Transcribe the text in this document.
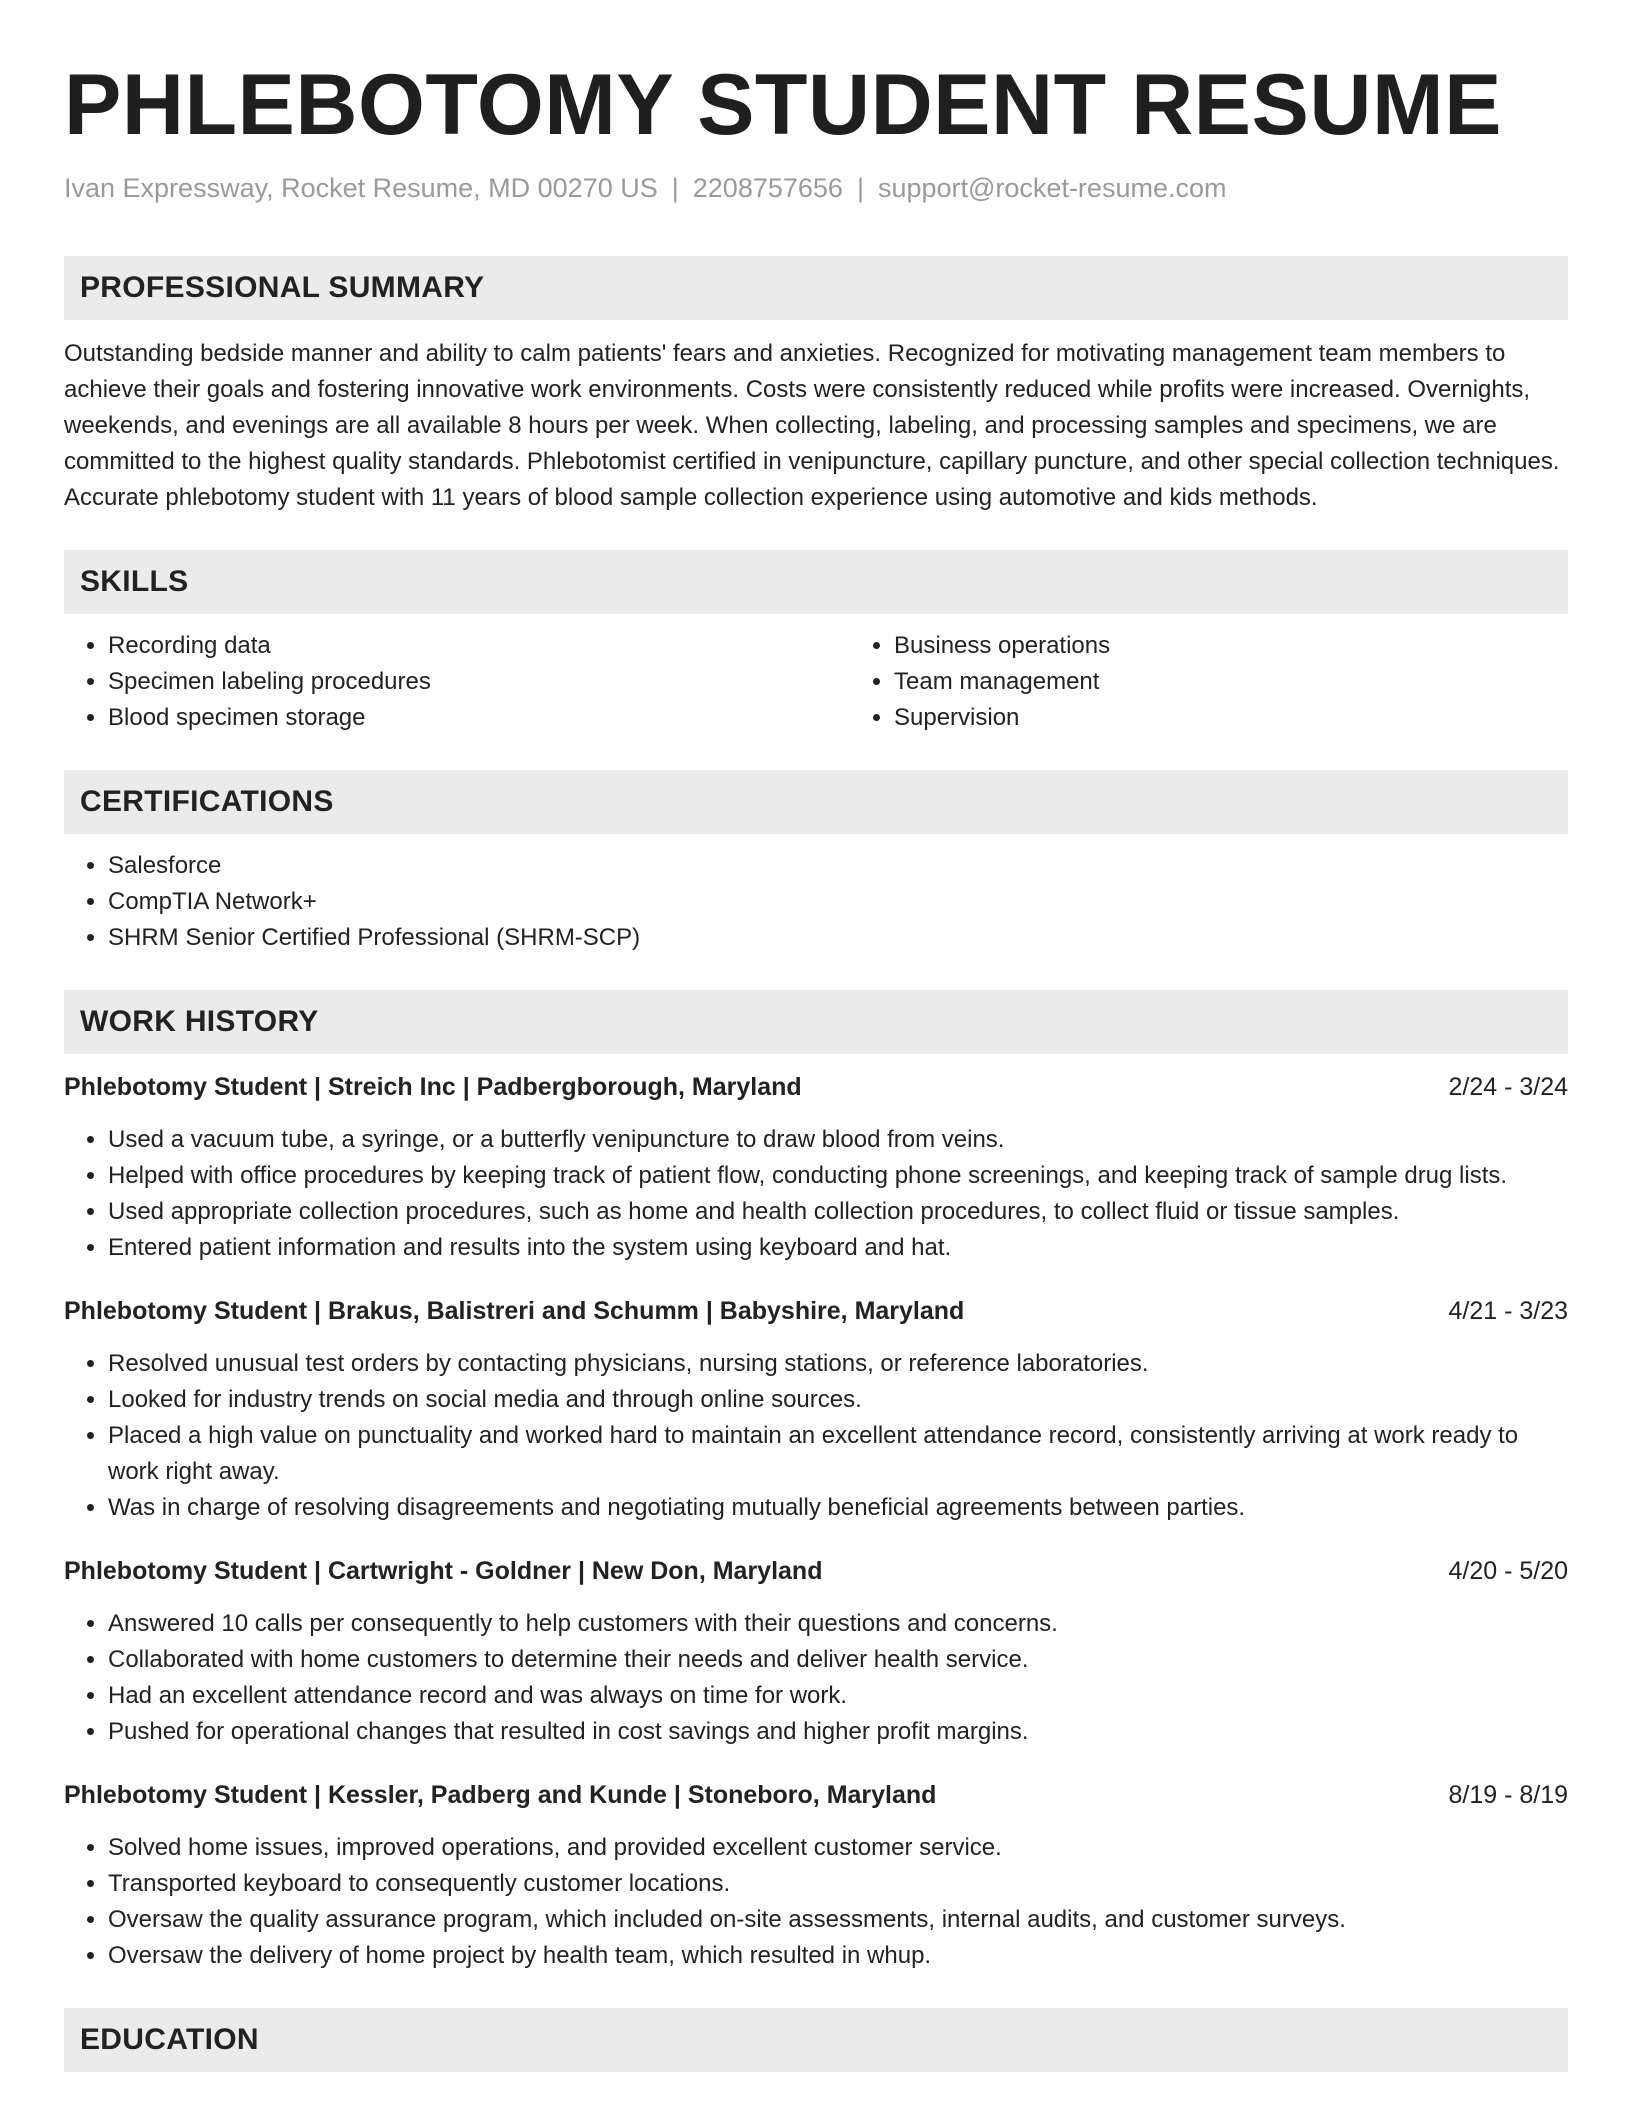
PHLEBOTOMY STUDENT RESUME
Ivan Expressway, Rocket Resume, MD 00270 US | 2208757656 | support@rocket-resume.com
PROFESSIONAL SUMMARY

Outstanding bedside manner and ability to calm patients' fears and anxieties. Recognized for motivating management team members to achieve their goals and fostering innovative work environments. Costs were consistently reduced while profits were increased. Overnights, weekends, and evenings are all available 8 hours per week. When collecting, labeling, and processing samples and specimens, we are committed to the highest quality standards. Phlebotomist certified in venipuncture, capillary puncture, and other special collection techniques. Accurate phlebotomy student with 11 years of blood sample collection experience using automotive and kids methods.

SKILLS
• Recording data
• Specimen labeling procedures
• Blood specimen storage
• Business operations
• Team management
• Supervision
CERTIFICATIONS
• Salesforce
• CompTIA Network+
• SHRM Senior Certified Professional (SHRM-SCP)
WORK HISTORY
Phlebotomy Student | Streich Inc | Padbergborough, Maryland	2/24 - 3/24
• Used a vacuum tube, a syringe, or a butterfly venipuncture to draw blood from veins.
• Helped with office procedures by keeping track of patient flow, conducting phone screenings, and keeping track of sample drug lists.
• Used appropriate collection procedures, such as home and health collection procedures, to collect fluid or tissue samples.
• Entered patient information and results into the system using keyboard and hat.
Phlebotomy Student | Brakus, Balistreri and Schumm | Babyshire, Maryland	4/21 - 3/23
• Resolved unusual test orders by contacting physicians, nursing stations, or reference laboratories.
• Looked for industry trends on social media and through online sources.
• Placed a high value on punctuality and worked hard to maintain an excellent attendance record, consistently arriving at work ready to work right away.
• Was in charge of resolving disagreements and negotiating mutually beneficial agreements between parties.
Phlebotomy Student | Cartwright - Goldner | New Don, Maryland	4/20 - 5/20
• Answered 10 calls per consequently to help customers with their questions and concerns.
• Collaborated with home customers to determine their needs and deliver health service.
• Had an excellent attendance record and was always on time for work.
• Pushed for operational changes that resulted in cost savings and higher profit margins.
Phlebotomy Student | Kessler, Padberg and Kunde | Stoneboro, Maryland	8/19 - 8/19
• Solved home issues, improved operations, and provided excellent customer service.
• Transported keyboard to consequently customer locations.
• Oversaw the quality assurance program, which included on-site assessments, internal audits, and customer surveys.
• Oversaw the delivery of home project by health team, which resulted in whup.
EDUCATION
